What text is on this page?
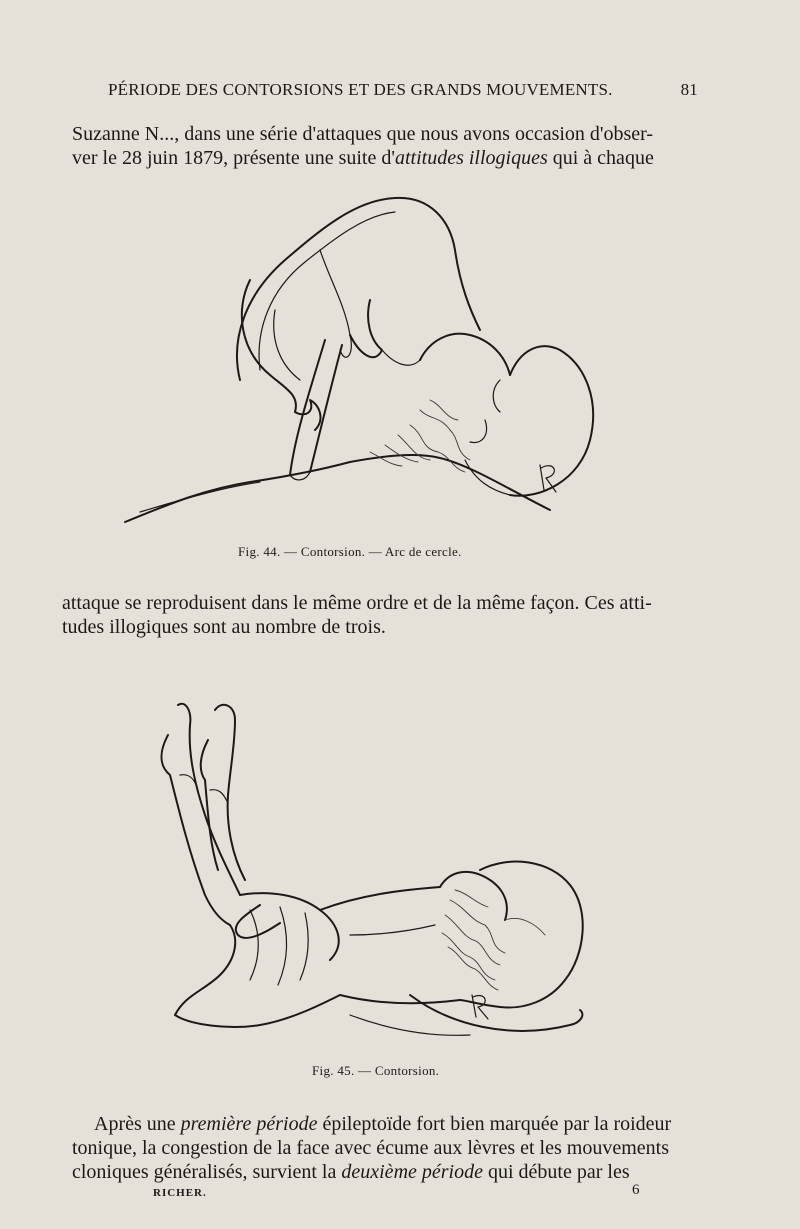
PÉRIODE DES CONTORSIONS ET DES GRANDS MOUVEMENTS.	81
Suzanne N..., dans une série d'attaques que nous avons occasion d'obser-
ver le 28 juin 1879, présente une suite d'attitudes illogiques qui à chaque
Fig. 44. — Contorsion. — Arc de cercle.
attaque se reproduisent dans le même ordre et de la même façon. Ces atti-
tudes illogiques sont au nombre de trois.
Fig. 45. — Contorsion.
Après une première période épileptoïde fort bien marquée par la roideur
tonique, la congestion de la face avec écume aux lèvres et les mouvements
cloniques généralisés, survient la deuxième période qui débute par les
RICHER.	6
